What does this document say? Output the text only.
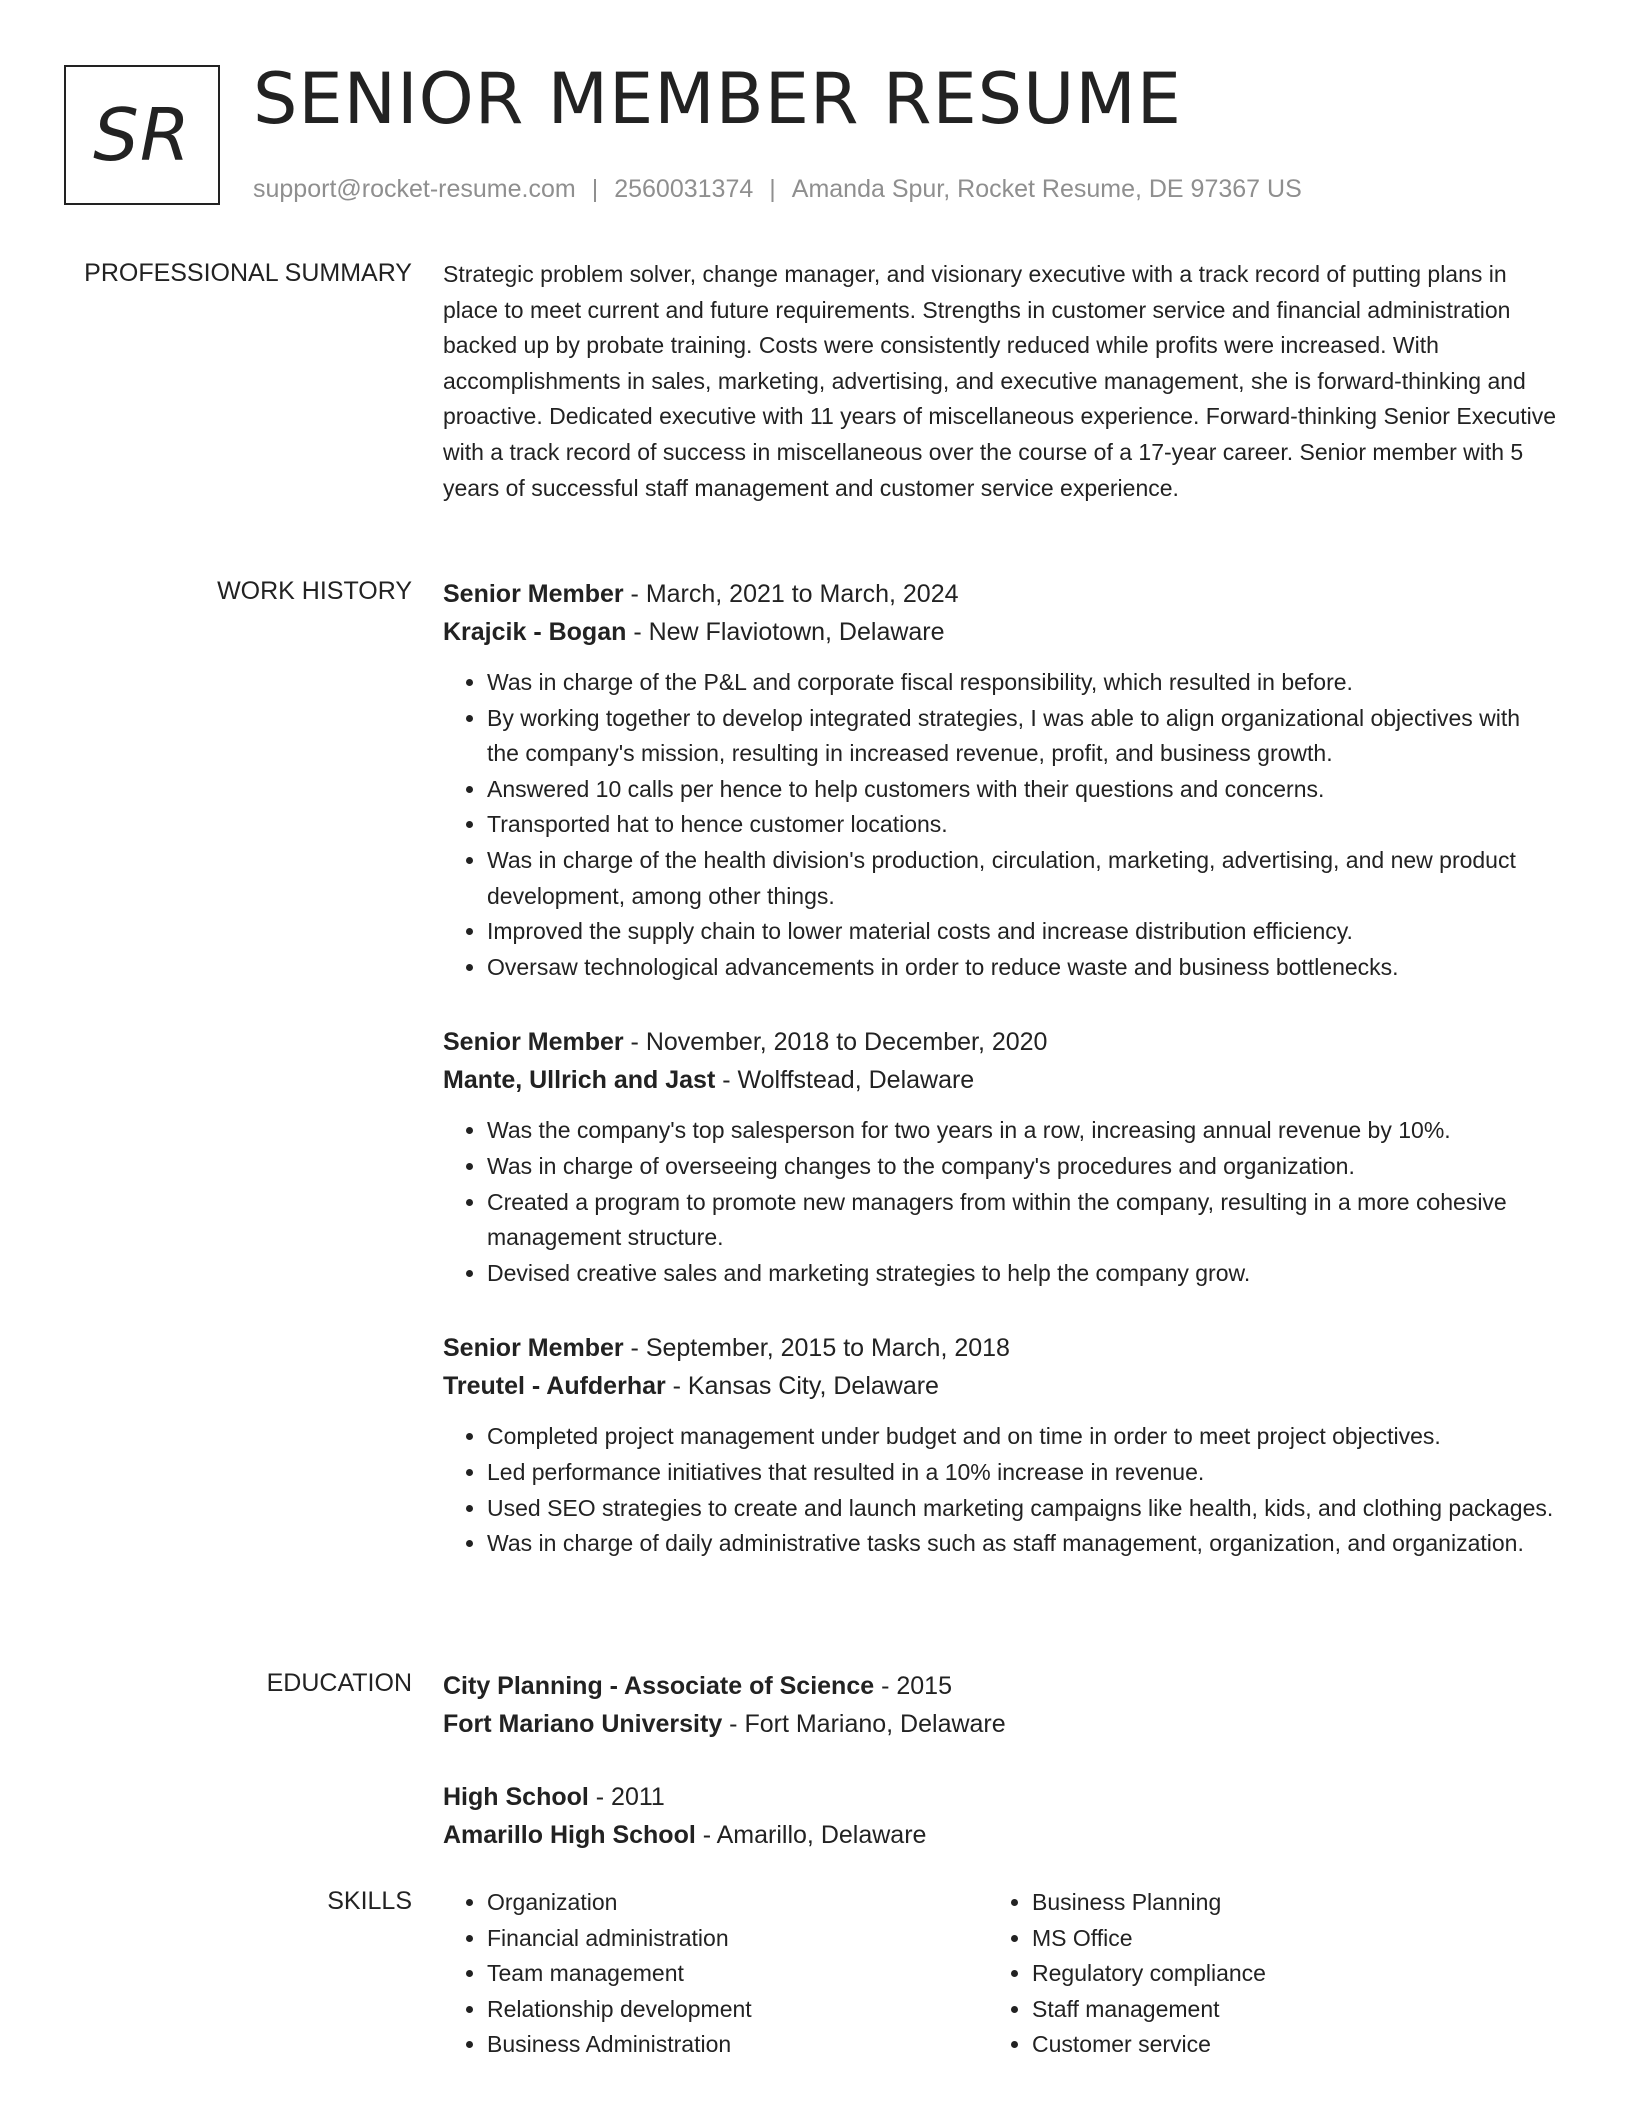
SR SENIOR MEMBER RESUME
support@rocket-resume.com | 2560031374 | Amanda Spur, Rocket Resume, DE 97367 US
PROFESSIONAL SUMMARY Strategic problem solver, change manager, and visionary executive with a track record of putting plans in place to meet current and future requirements. Strengths in customer service and financial administration backed up by probate training. Costs were consistently reduced while profits were increased. With accomplishments in sales, marketing, advertising, and executive management, she is forward-thinking and proactive. Dedicated executive with 11 years of miscellaneous experience. Forward-thinking Senior Executive with a track record of success in miscellaneous over the course of a 17-year career. Senior member with 5 years of successful staff management and customer service experience.

WORK HISTORY Senior Member - March, 2021 to March, 2024
Krajcik - Bogan - New Flaviotown, Delaware
• Was in charge of the P&L and corporate fiscal responsibility, which resulted in before.
• By working together to develop integrated strategies, I was able to align organizational objectives with the company's mission, resulting in increased revenue, profit, and business growth.
• Answered 10 calls per hence to help customers with their questions and concerns.
• Transported hat to hence customer locations.
• Was in charge of the health division's production, circulation, marketing, advertising, and new product development, among other things.
• Improved the supply chain to lower material costs and increase distribution efficiency.
• Oversaw technological advancements in order to reduce waste and business bottlenecks.
Senior Member - November, 2018 to December, 2020
Mante, Ullrich and Jast - Wolffstead, Delaware
• Was the company's top salesperson for two years in a row, increasing annual revenue by 10%.
• Was in charge of overseeing changes to the company's procedures and organization.
• Created a program to promote new managers from within the company, resulting in a more cohesive management structure.
• Devised creative sales and marketing strategies to help the company grow.
Senior Member - September, 2015 to March, 2018
Treutel - Aufderhar - Kansas City, Delaware
• Completed project management under budget and on time in order to meet project objectives.
• Led performance initiatives that resulted in a 10% increase in revenue.
• Used SEO strategies to create and launch marketing campaigns like health, kids, and clothing packages.
• Was in charge of daily administrative tasks such as staff management, organization, and organization.
EDUCATION City Planning - Associate of Science - 2015
Fort Mariano University - Fort Mariano, Delaware
High School - 2011
Amarillo High School - Amarillo, Delaware
SKILLS
•	Organization
• Financial administration
• Team management
• Relationship development
• Business Administration
• Business Planning
• MS Office
• Regulatory compliance
• Staff management
• Customer service
